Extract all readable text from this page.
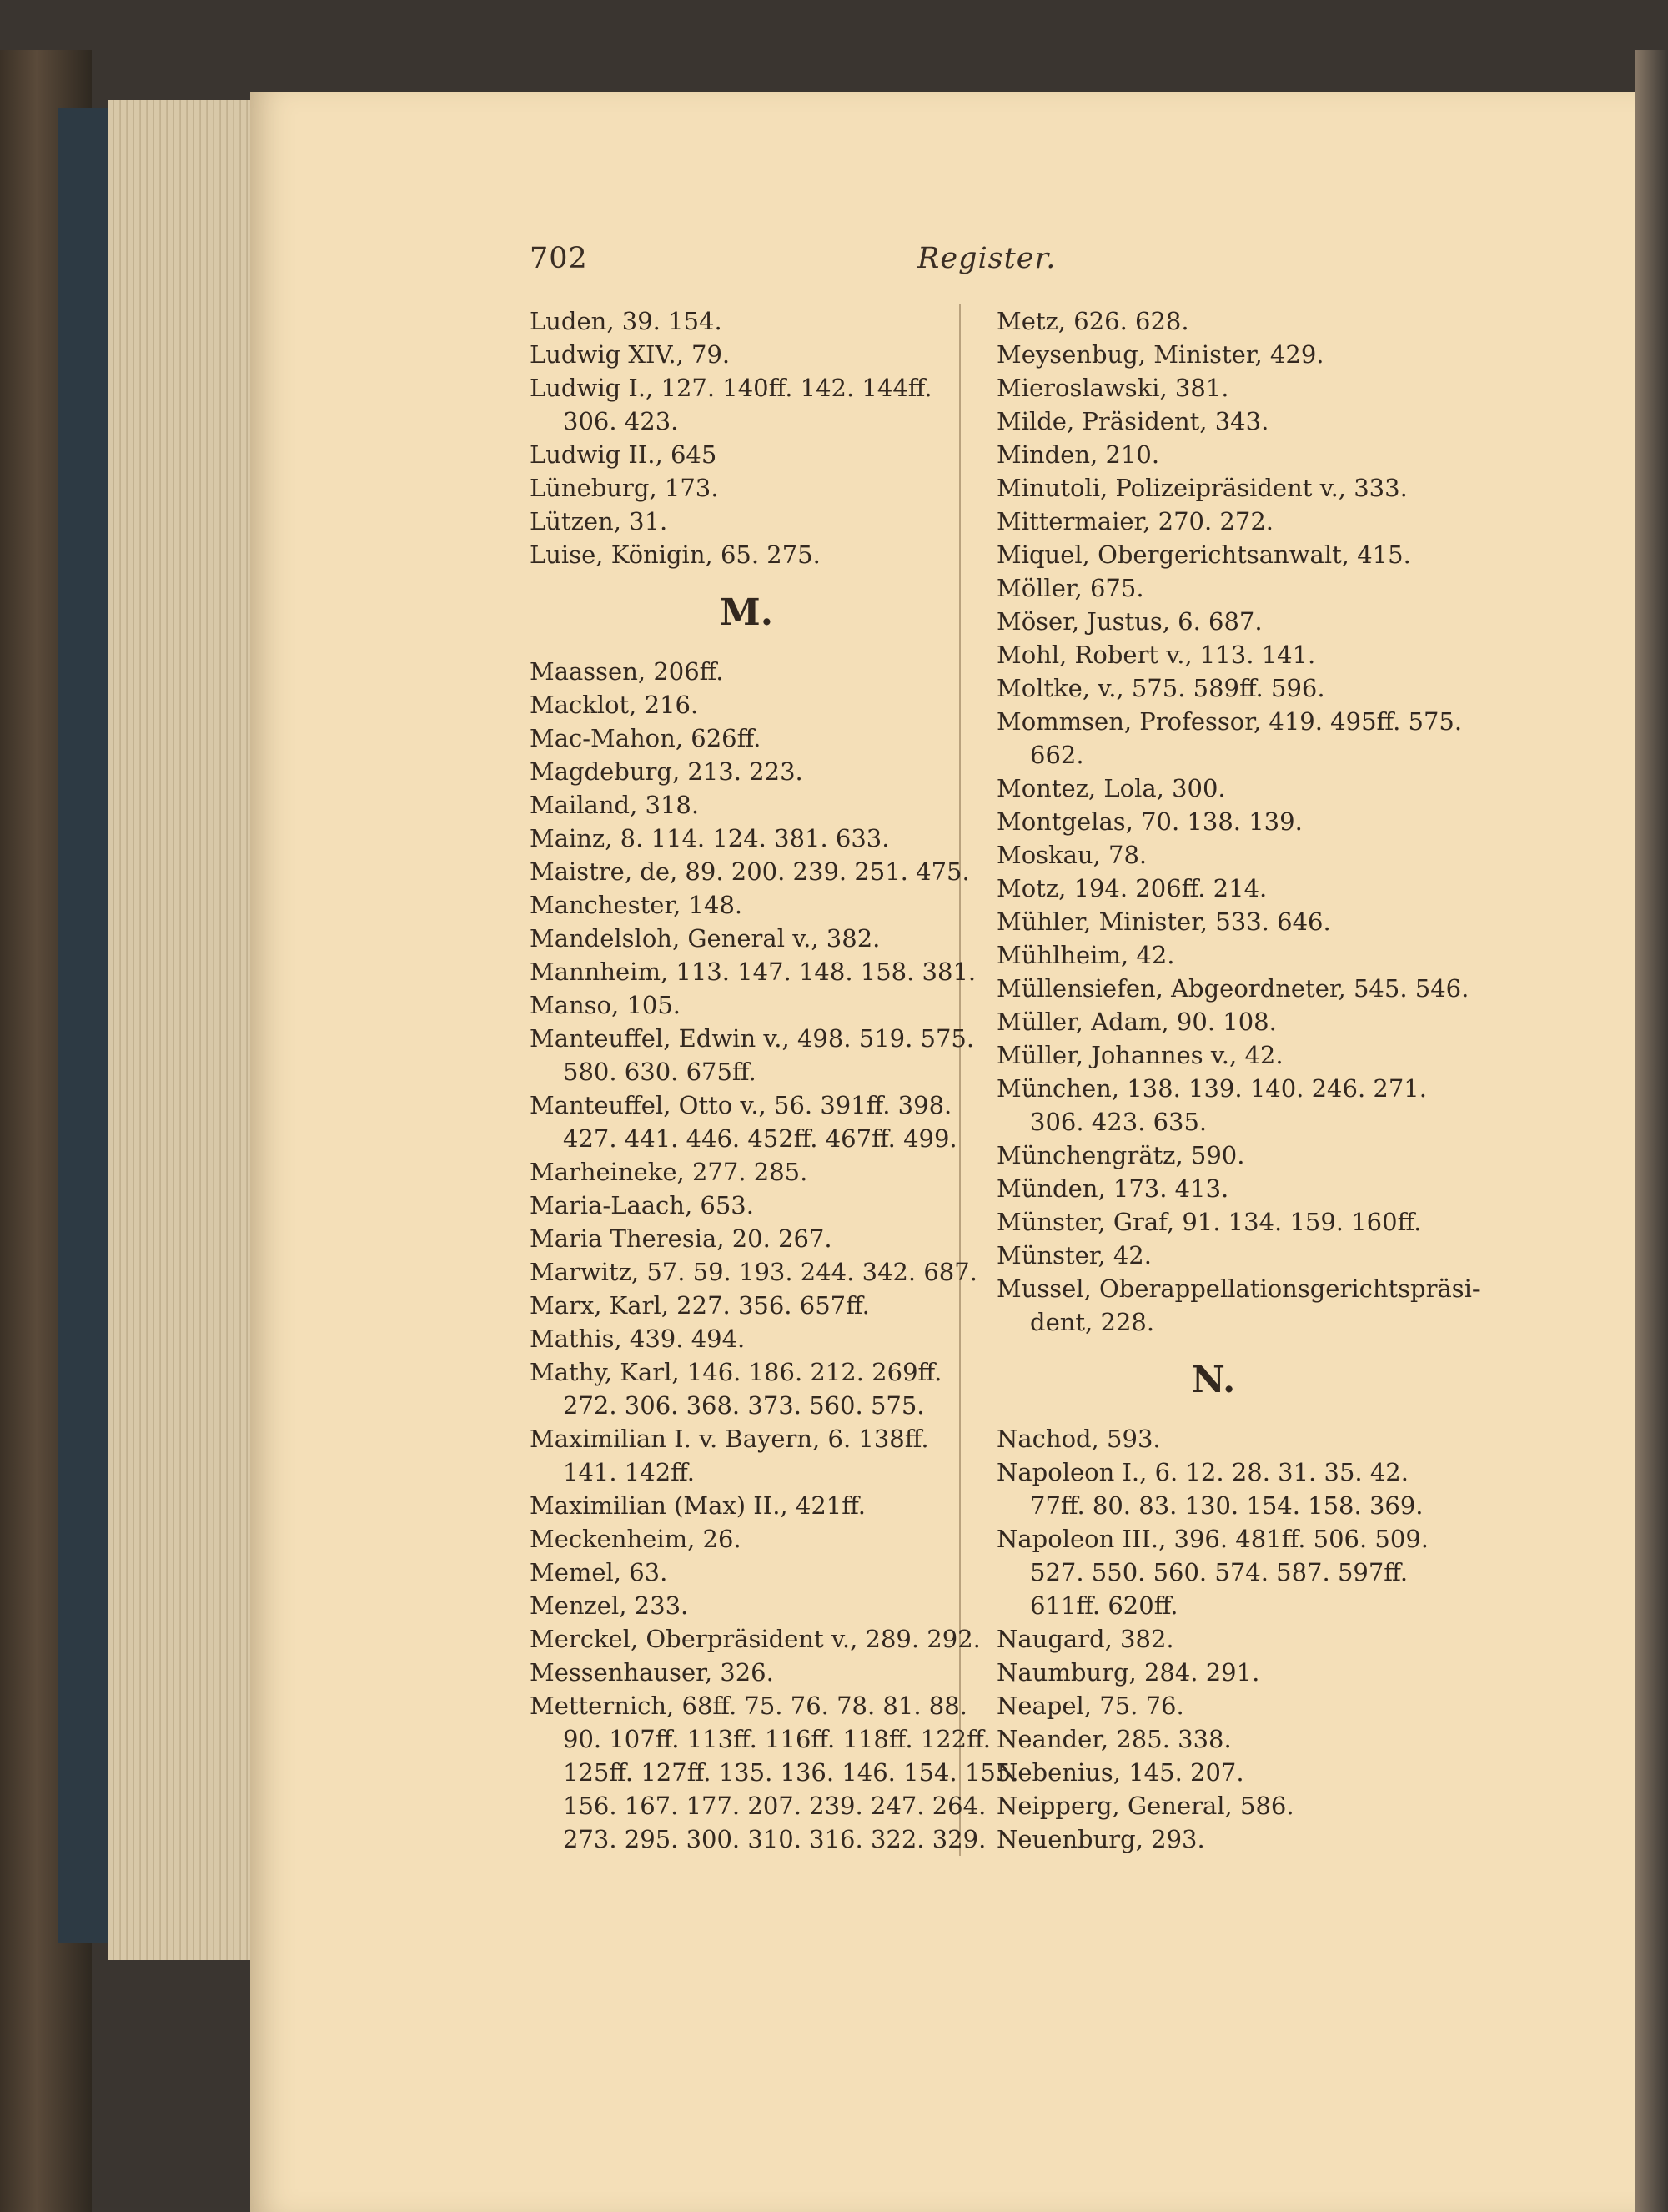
702	Register.
Luden, 39. 154.
Ludwig XIV., 79.
Ludwig I., 127. 140ff. 142. 144ff.
306. 423.
Ludwig II., 645
Lüneburg, 173.
Lützen, 31.
Luise, Königin, 65. 275.
M.
Maassen, 206ff.
Macklot, 216.
Mac-Mahon, 626ff.
Magdeburg, 213. 223.
Mailand, 318.
Mainz, 8. 114. 124. 381. 633.
Maistre, de, 89. 200. 239. 251. 475.
Manchester, 148.
Mandelsloh, General v., 382.
Mannheim, 113. 147. 148. 158. 381.
Manso, 105.
Manteuffel, Edwin v., 498. 519. 575.
580. 630. 675ff.
Manteuffel, Otto v., 56. 391ff. 398.
427. 441. 446. 452ff. 467ff. 499.
Marheineke, 277. 285.
Maria-Laach, 653.
Maria Theresia, 20. 267.
Marwitz, 57. 59. 193. 244. 342. 687.
Marx, Karl, 227. 356. 657ff.
Mathis, 439. 494.
Mathy, Karl, 146. 186. 212. 269ff.
272. 306. 368. 373. 560. 575.
Maximilian I. v. Bayern, 6. 138ff.
141. 142ff.
Maximilian (Max) II., 421ff.
Meckenheim, 26.
Memel, 63.
Menzel, 233.
Merckel, Oberpräsident v., 289. 292.
Messenhauser, 326.
Metternich, 68ff. 75. 76. 78. 81. 88.
90. 107ff. 113ff. 116ff. 118ff. 122ff.
125ff. 127ff. 135. 136. 146. 154. 155.
156. 167. 177. 207. 239. 247. 264.
273. 295. 300. 310. 316. 322. 329.
Metz, 626. 628.
Meysenbug, Minister, 429.
Mieroslawski, 381.
Milde, Präsident, 343.
Minden, 210.
Minutoli, Polizeipräsident v., 333.
Mittermaier, 270. 272.
Miquel, Obergerichtsanwalt, 415.
Möller, 675.
Möser, Justus, 6. 687.
Mohl, Robert v., 113. 141.
Moltke, v., 575. 589ff. 596.
Mommsen, Professor, 419. 495ff. 575.
662.
Montez, Lola, 300.
Montgelas, 70. 138. 139.
Moskau, 78.
Motz, 194. 206ff. 214.
Mühler, Minister, 533. 646.
Mühlheim, 42.
Müllensiefen, Abgeordneter, 545. 546.
Müller, Adam, 90. 108.
Müller, Johannes v., 42.
München, 138. 139. 140. 246. 271.
306. 423. 635.
Münchengrätz, 590.
Münden, 173. 413.
Münster, Graf, 91. 134. 159. 160ff.
Münster, 42.
Mussel, Oberappellationsgerichtspräsi-
dent, 228.
N.
Nachod, 593.
Napoleon I., 6. 12. 28. 31. 35. 42.
77ff. 80. 83. 130. 154. 158. 369.
Napoleon III., 396. 481ff. 506. 509.
527. 550. 560. 574. 587. 597ff.
611ff. 620ff.
Naugard, 382.
Naumburg, 284. 291.
Neapel, 75. 76.
Neander, 285. 338.
Nebenius, 145. 207.
Neipperg, General, 586.
Neuenburg, 293.
